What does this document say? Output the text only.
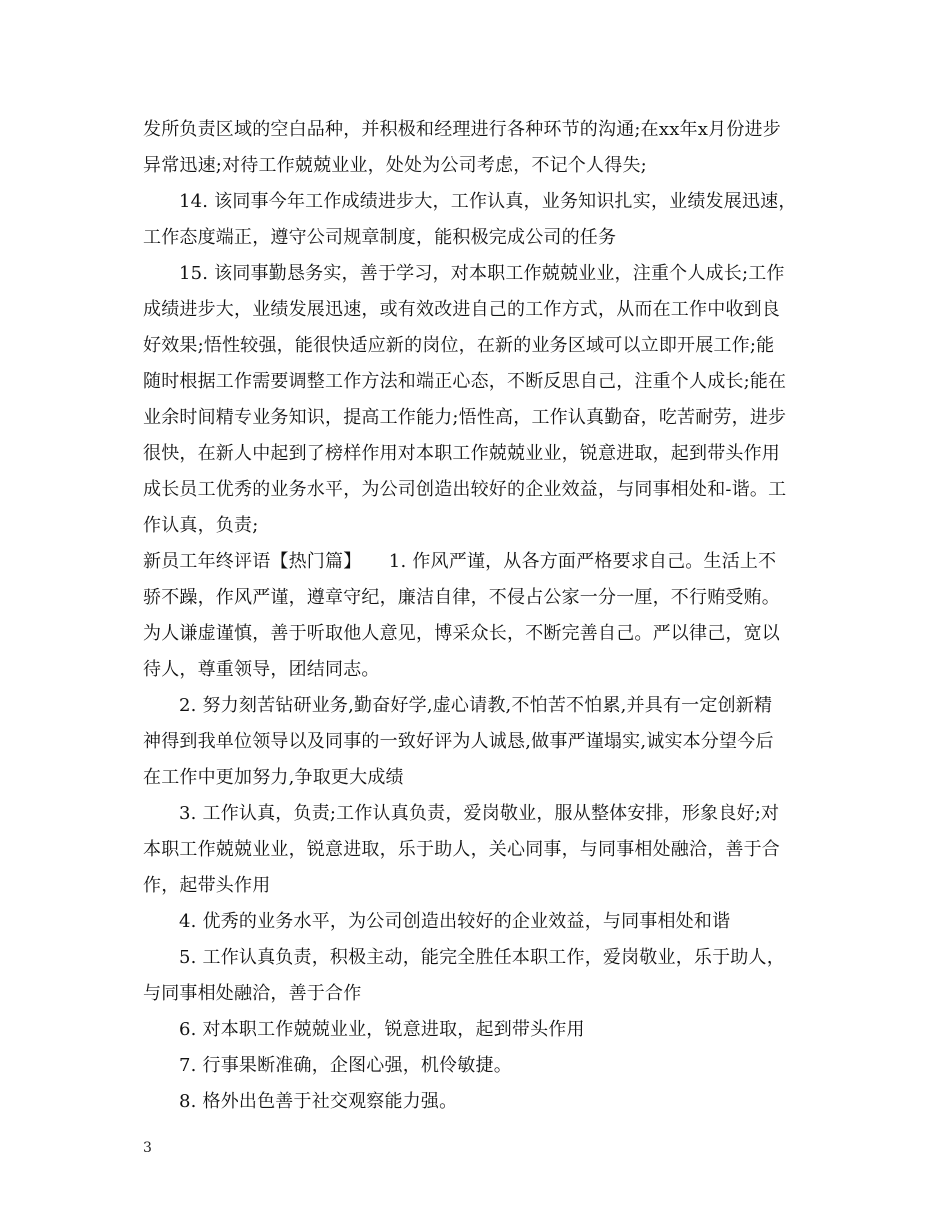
发所负责区域的空白品种，并积极和经理进行各种环节的沟通;在xx年x月份进步
异常迅速;对待工作兢兢业业，处处为公司考虑，不记个人得失;
14. 该同事今年工作成绩进步大，工作认真，业务知识扎实，业绩发展迅速，
工作态度端正，遵守公司规章制度，能积极完成公司的任务
15. 该同事勤恳务实，善于学习，对本职工作兢兢业业，注重个人成长;工作
成绩进步大，业绩发展迅速，或有效改进自己的工作方式，从而在工作中收到良
好效果;悟性较强，能很快适应新的岗位，在新的业务区域可以立即开展工作;能
随时根据工作需要调整工作方法和端正心态，不断反思自己，注重个人成长;能在
业余时间精专业务知识，提高工作能力;悟性高，工作认真勤奋，吃苦耐劳，进步
很快，在新人中起到了榜样作用对本职工作兢兢业业，锐意进取，起到带头作用
成长员工优秀的业务水平，为公司创造出较好的企业效益，与同事相处和-谐。工
作认真，负责;
新员工年终评语【热门篇】　　1. 作风严谨，从各方面严格要求自己。生活上不
骄不躁，作风严谨，遵章守纪，廉洁自律，不侵占公家一分一厘，不行贿受贿。
为人谦虚谨慎，善于听取他人意见，博采众长，不断完善自己。严以律己，宽以
待人，尊重领导，团结同志。
2. 努力刻苦钻研业务,勤奋好学,虚心请教,不怕苦不怕累,并具有一定创新精
神得到我单位领导以及同事的一致好评为人诚恳,做事严谨塌实,诚实本分望今后
在工作中更加努力,争取更大成绩
3. 工作认真，负责;工作认真负责，爱岗敬业，服从整体安排，形象良好;对
本职工作兢兢业业，锐意进取，乐于助人，关心同事，与同事相处融洽，善于合
作，起带头作用
4. 优秀的业务水平，为公司创造出较好的企业效益，与同事相处和谐
5. 工作认真负责，积极主动，能完全胜任本职工作，爱岗敬业，乐于助人，
与同事相处融洽，善于合作
6. 对本职工作兢兢业业，锐意进取，起到带头作用
7. 行事果断准确，企图心强，机伶敏捷。
8. 格外出色善于社交观察能力强。
3
